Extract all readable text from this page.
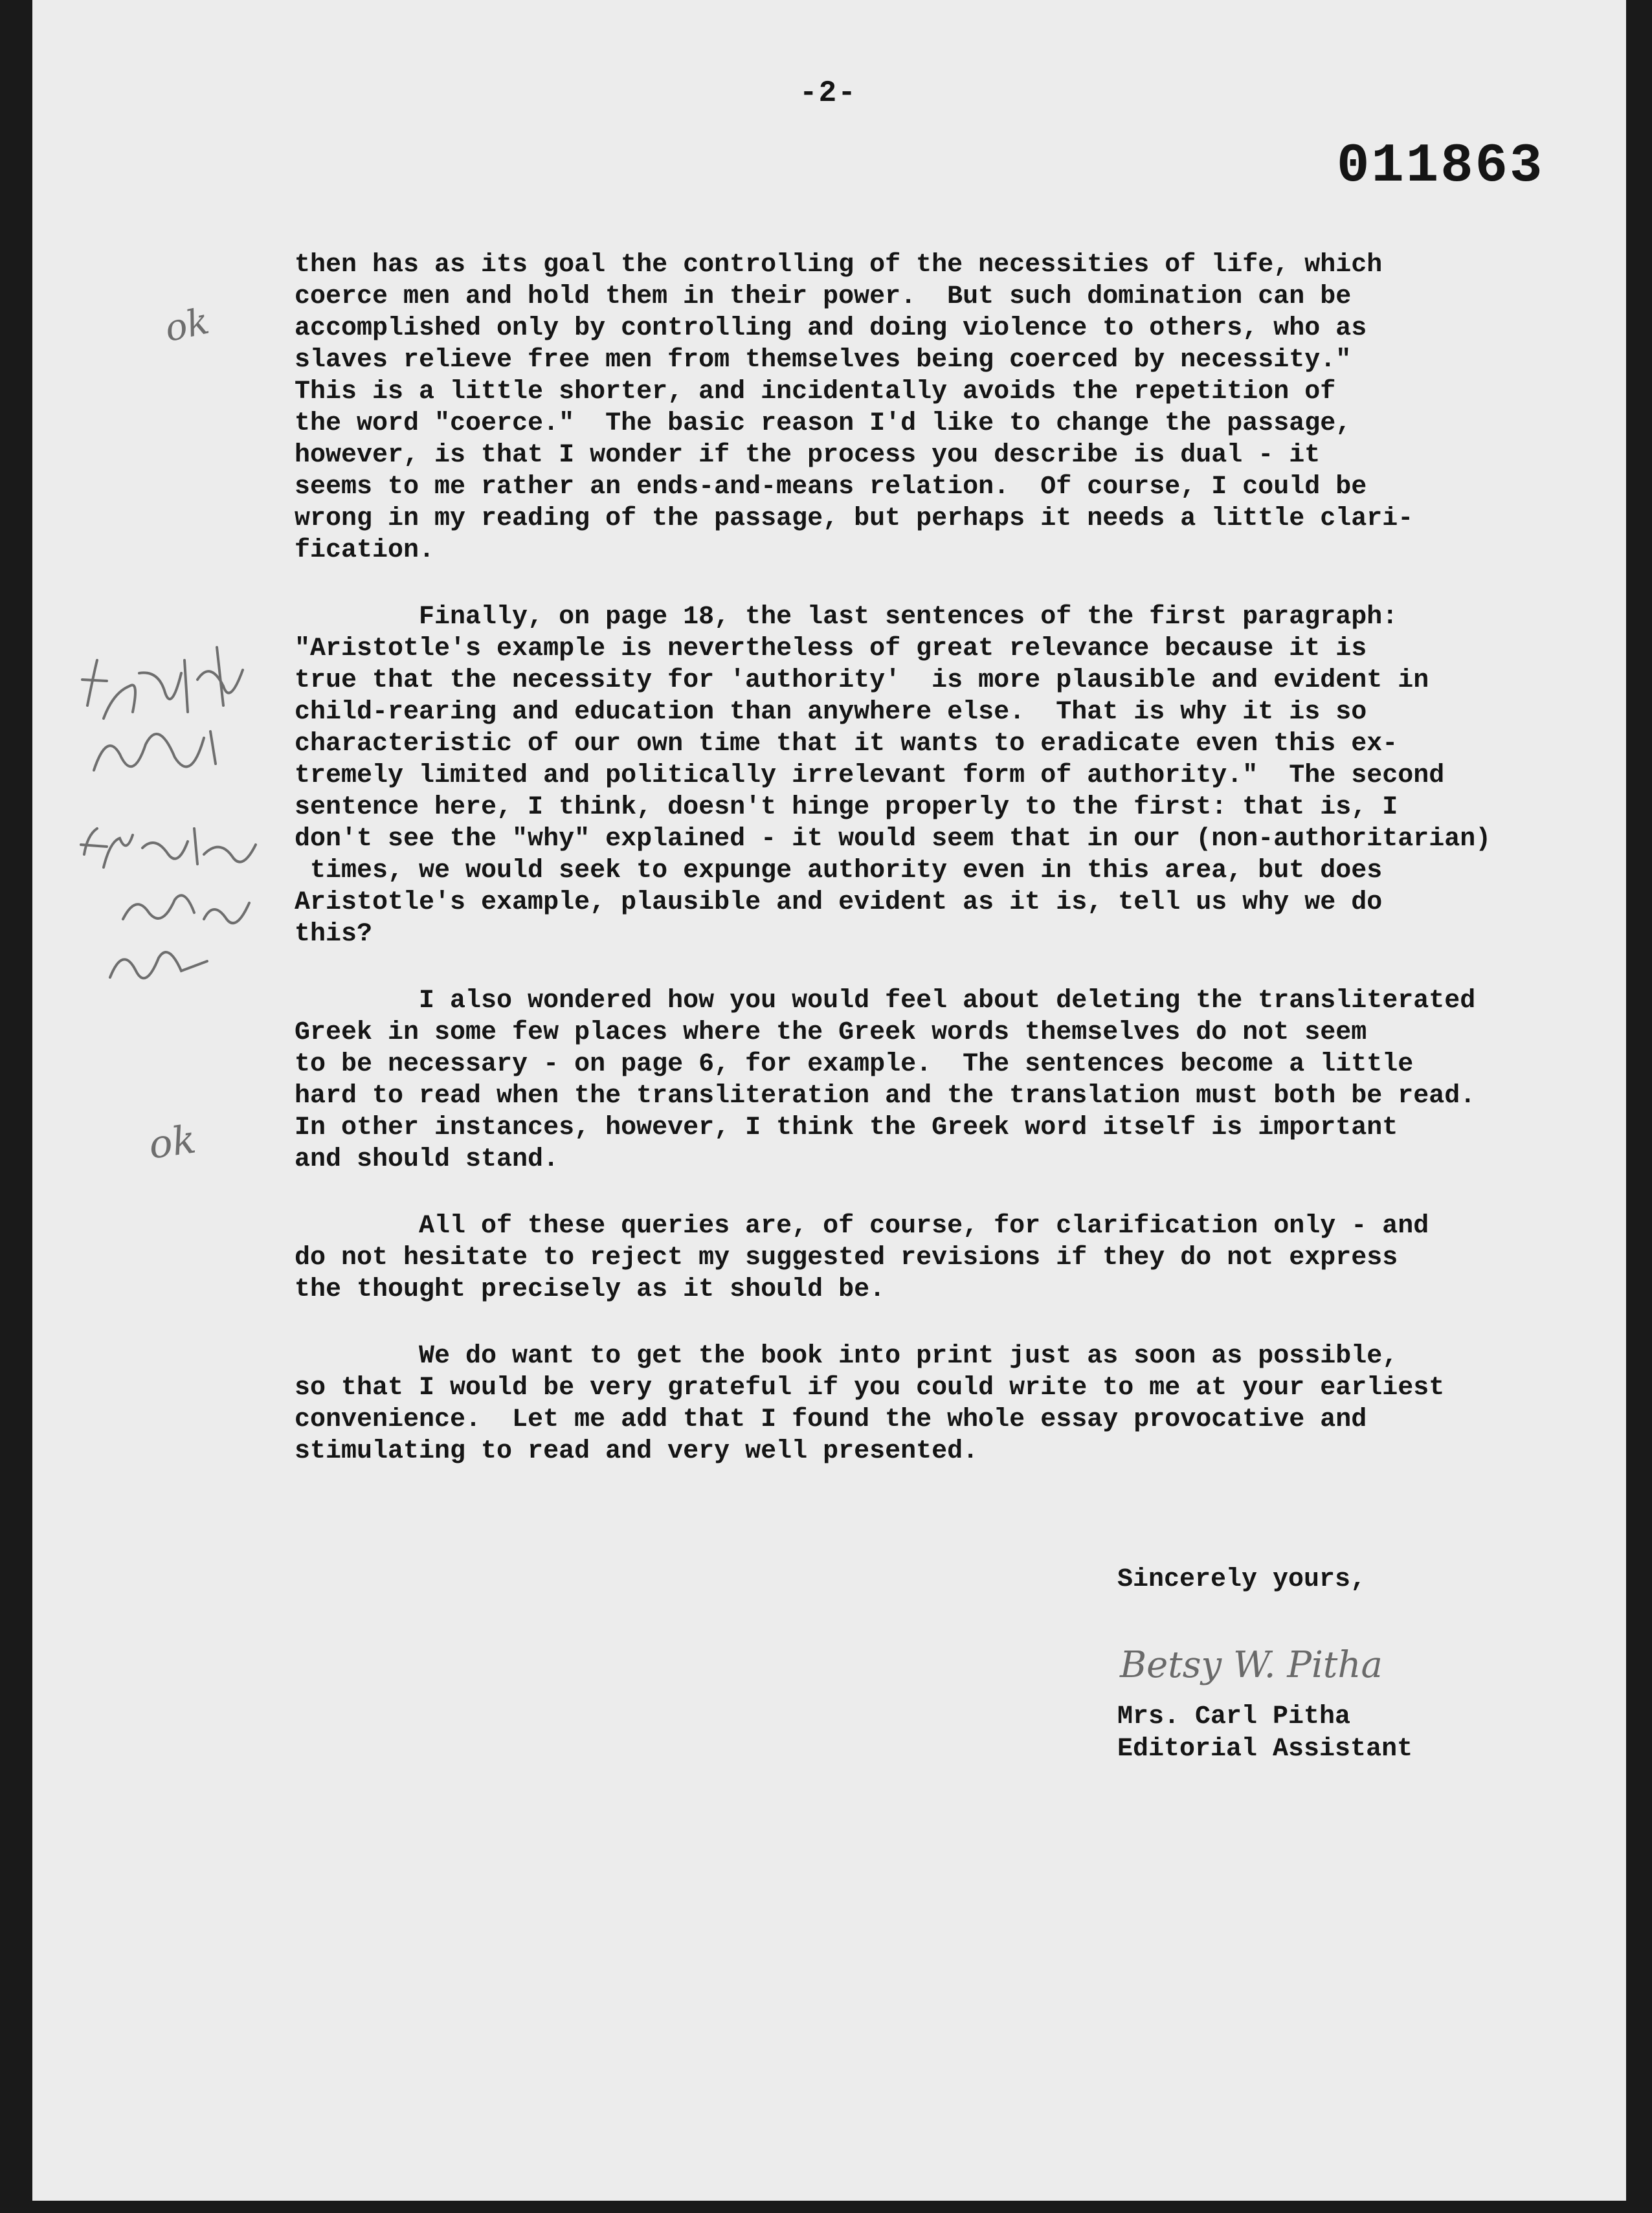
-2-
011863
ok
ok
then has as its goal the controlling of the necessities of life, which
coerce men and hold them in their power.  But such domination can be
accomplished only by controlling and doing violence to others, who as
slaves relieve free men from themselves being coerced by necessity."
This is a little shorter, and incidentally avoids the repetition of
the word "coerce."  The basic reason I'd like to change the passage,
however, is that I wonder if the process you describe is dual - it
seems to me rather an ends-and-means relation.  Of course, I could be
wrong in my reading of the passage, but perhaps it needs a little clari-
fication.
Finally, on page 18, the last sentences of the first paragraph:
"Aristotle's example is nevertheless of great relevance because it is
true that the necessity for 'authority'  is more plausible and evident in
child-rearing and education than anywhere else.  That is why it is so
characteristic of our own time that it wants to eradicate even this ex-
tremely limited and politically irrelevant form of authority."  The second
sentence here, I think, doesn't hinge properly to the first: that is, I
don't see the "why" explained - it would seem that in our (non-authoritarian)
times, we would seek to expunge authority even in this area, but does
Aristotle's example, plausible and evident as it is, tell us why we do
this?
I also wondered how you would feel about deleting the transliterated
Greek in some few places where the Greek words themselves do not seem
to be necessary - on page 6, for example.  The sentences become a little
hard to read when the transliteration and the translation must both be read.
In other instances, however, I think the Greek word itself is important
and should stand.
All of these queries are, of course, for clarification only - and
do not hesitate to reject my suggested revisions if they do not express
the thought precisely as it should be.
We do want to get the book into print just as soon as possible,
so that I would be very grateful if you could write to me at your earliest
convenience.  Let me add that I found the whole essay provocative and
stimulating to read and very well presented.
Sincerely yours,
Betsy W. Pitha
Mrs. Carl Pitha
Editorial Assistant
